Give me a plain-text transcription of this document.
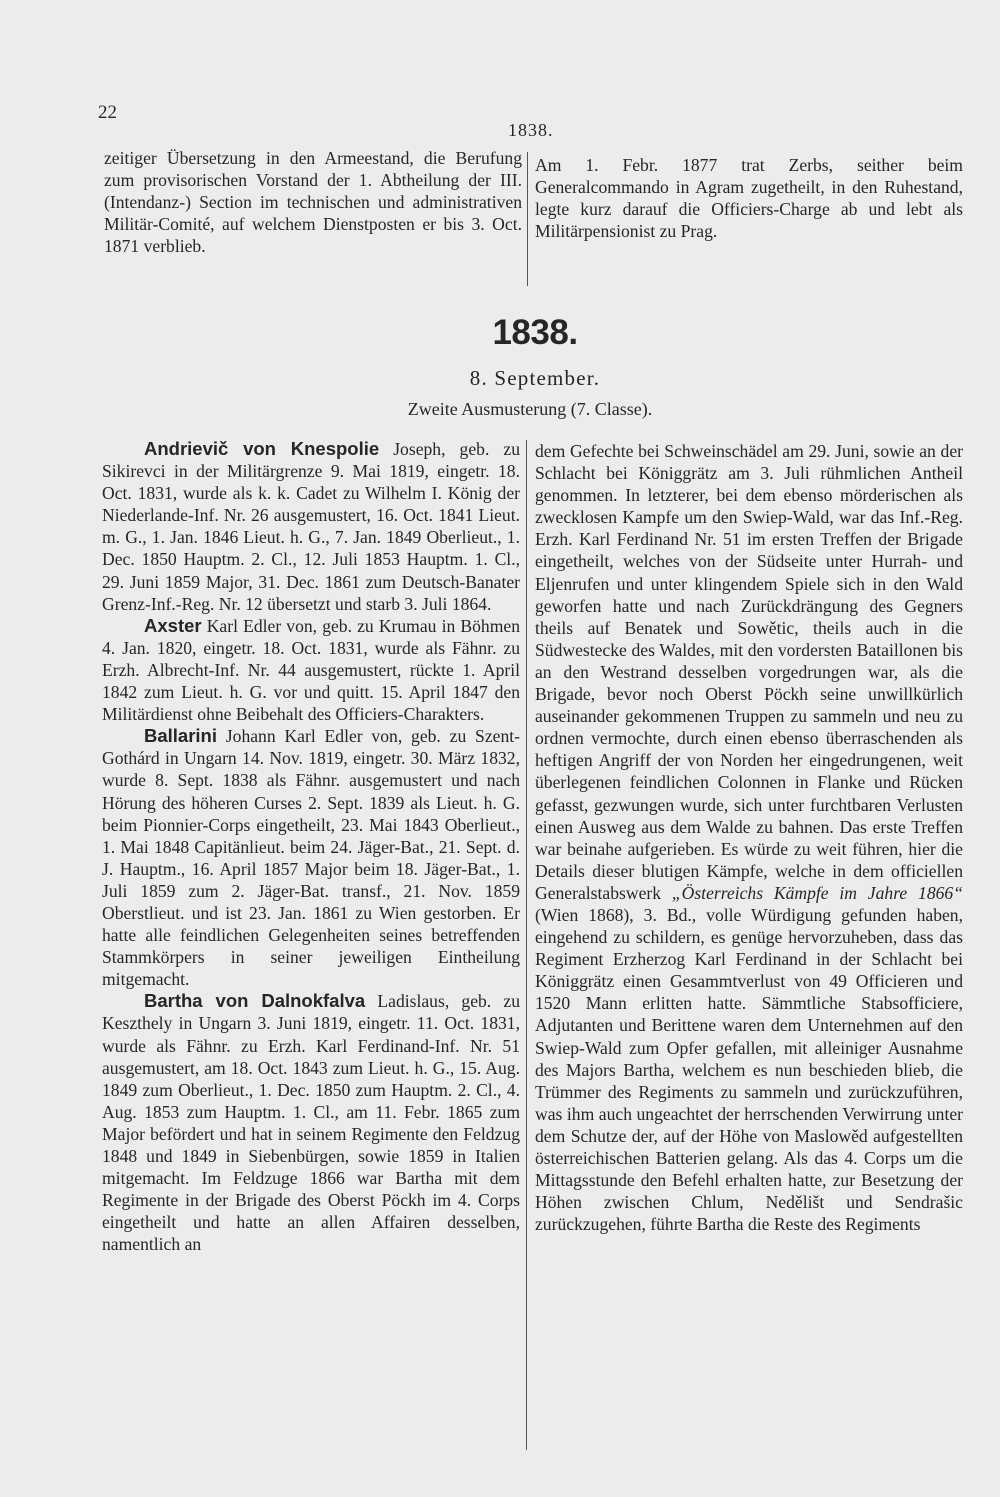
22
1838.

zeitiger Übersetzung in den Armeestand, die Berufung zum provisorischen Vorstand der 1. Abtheilung der III. (Intendanz-) Section im technischen und administrativen Militär-Comité, auf welchem Dienstposten er bis 3. Oct. 1871 verblieb.

Am 1. Febr. 1877 trat Zerbs, seither beim Generalcommando in Agram zugetheilt, in den Ruhestand, legte kurz darauf die Officiers-Charge ab und lebt als Militärpensionist zu Prag.

1838.
8. September.
Zweite Ausmusterung (7. Classe).

Andrievič von Knespolie Joseph, geb. zu Sikirevci in der Militärgrenze 9. Mai 1819, eingetr. 18. Oct. 1831, wurde als k. k. Cadet zu Wilhelm I. König der Niederlande-Inf. Nr. 26 ausgemustert, 16. Oct. 1841 Lieut. m. G., 1. Jan. 1846 Lieut. h. G., 7. Jan. 1849 Oberlieut., 1. Dec. 1850 Hauptm. 2. Cl., 12. Juli 1853 Hauptm. 1. Cl., 29. Juni 1859 Major, 31. Dec. 1861 zum Deutsch-Banater Grenz-Inf.-Reg. Nr. 12 übersetzt und starb 3. Juli 1864.

Axster Karl Edler von, geb. zu Krumau in Böhmen 4. Jan. 1820, eingetr. 18. Oct. 1831, wurde als Fähnr. zu Erzh. Albrecht-Inf. Nr. 44 ausgemustert, rückte 1. April 1842 zum Lieut. h. G. vor und quitt. 15. April 1847 den Militärdienst ohne Beibehalt des Officiers-Charakters.

Ballarini Johann Karl Edler von, geb. zu Szent-Gothárd in Ungarn 14. Nov. 1819, eingetr. 30. März 1832, wurde 8. Sept. 1838 als Fähnr. ausgemustert und nach Hörung des höheren Curses 2. Sept. 1839 als Lieut. h. G. beim Pionnier-Corps eingetheilt, 23. Mai 1843 Oberlieut., 1. Mai 1848 Capitänlieut. beim 24. Jäger-Bat., 21. Sept. d. J. Hauptm., 16. April 1857 Major beim 18. Jäger-Bat., 1. Juli 1859 zum 2. Jäger-Bat. transf., 21. Nov. 1859 Oberstlieut. und ist 23. Jan. 1861 zu Wien gestorben. Er hatte alle feindlichen Gelegenheiten seines betreffenden Stammkörpers in seiner jeweiligen Eintheilung mitgemacht.

Bartha von Dalnokfalva Ladislaus, geb. zu Keszthely in Ungarn 3. Juni 1819, eingetr. 11. Oct. 1831, wurde als Fähnr. zu Erzh. Karl Ferdinand-Inf. Nr. 51 ausgemustert, am 18. Oct. 1843 zum Lieut. h. G., 15. Aug. 1849 zum Oberlieut., 1. Dec. 1850 zum Hauptm. 2. Cl., 4. Aug. 1853 zum Hauptm. 1. Cl., am 11. Febr. 1865 zum Major befördert und hat in seinem Regimente den Feldzug 1848 und 1849 in Siebenbürgen, sowie 1859 in Italien mitgemacht. Im Feldzuge 1866 war Bartha mit dem Regimente in der Brigade des Oberst Pöckh im 4. Corps eingetheilt und hatte an allen Affairen desselben, namentlich an

dem Gefechte bei Schweinschädel am 29. Juni, sowie an der Schlacht bei Königgrätz am 3. Juli rühmlichen Antheil genommen. In letzterer, bei dem ebenso mörderischen als zwecklosen Kampfe um den Swiep-Wald, war das Inf.-Reg. Erzh. Karl Ferdinand Nr. 51 im ersten Treffen der Brigade eingetheilt, welches von der Südseite unter Hurrah- und Eljenrufen und unter klingendem Spiele sich in den Wald geworfen hatte und nach Zurückdrängung des Gegners theils auf Benatek und Sowětic, theils auch in die Südwestecke des Waldes, mit den vordersten Bataillonen bis an den Westrand desselben vorgedrungen war, als die Brigade, bevor noch Oberst Pöckh seine unwillkürlich auseinander gekommenen Truppen zu sammeln und neu zu ordnen vermochte, durch einen ebenso überraschenden als heftigen Angriff der von Norden her eingedrungenen, weit überlegenen feindlichen Colonnen in Flanke und Rücken gefasst, gezwungen wurde, sich unter furchtbaren Verlusten einen Ausweg aus dem Walde zu bahnen. Das erste Treffen war beinahe aufgerieben. Es würde zu weit führen, hier die Details dieser blutigen Kämpfe, welche in dem officiellen Generalstabswerk „Österreichs Kämpfe im Jahre 1866“ (Wien 1868), 3. Bd., volle Würdigung gefunden haben, eingehend zu schildern, es genüge hervorzuheben, dass das Regiment Erzherzog Karl Ferdinand in der Schlacht bei Königgrätz einen Gesammtverlust von 49 Officieren und 1520 Mann erlitten hatte. Sämmtliche Stabsofficiere, Adjutanten und Berittene waren dem Unternehmen auf den Swiep-Wald zum Opfer gefallen, mit alleiniger Ausnahme des Majors Bartha, welchem es nun beschieden blieb, die Trümmer des Regiments zu sammeln und zurückzuführen, was ihm auch ungeachtet der herrschenden Verwirrung unter dem Schutze der, auf der Höhe von Maslowěd aufgestellten österreichischen Batterien gelang. Als das 4. Corps um die Mittagsstunde den Befehl erhalten hatte, zur Besetzung der Höhen zwischen Chlum, Nedělišt und Sendrašic zurückzugehen, führte Bartha die Reste des Regiments
